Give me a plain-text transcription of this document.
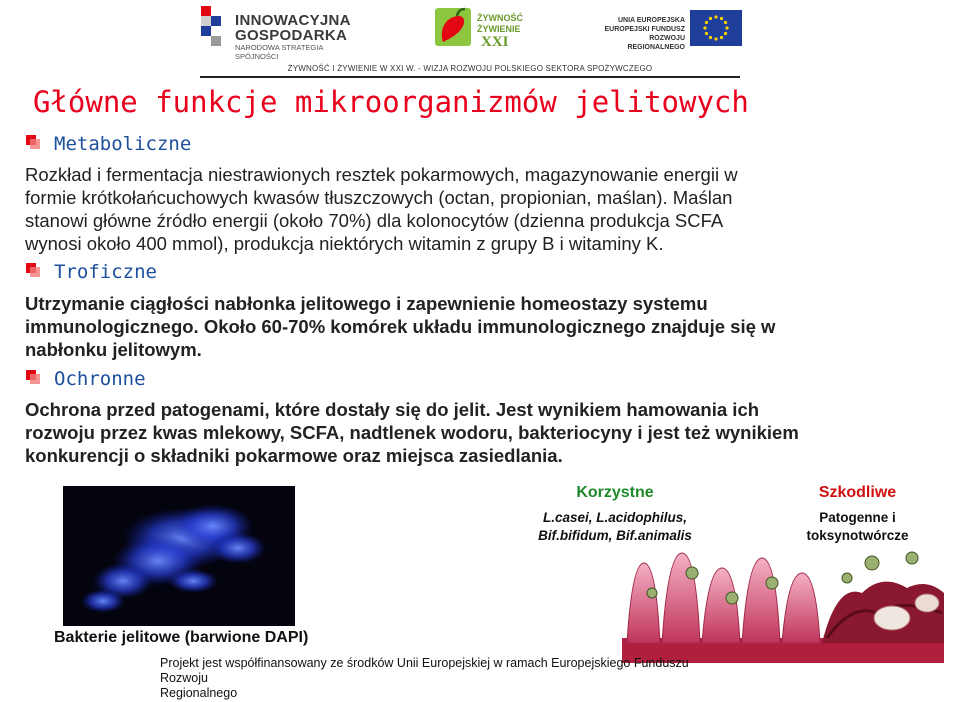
INNOWACYJNA
GOSPODARKA
NARODOWA STRATEGIA SPÓJNOŚCI
ŻYWNOŚĆ
ŻYWIENIE
XXI
UNIA EUROPEJSKA
EUROPEJSKI FUNDUSZ
ROZWOJU REGIONALNEGO
ŻYWNOŚĆ I ŻYWIENIE W XXI W. - WIZJA ROZWOJU POLSKIEGO SEKTORA SPOŻYWCZEGO
Główne funkcje mikroorganizmów jelitowych
Metaboliczne
Rozkład i fermentacja niestrawionych resztek pokarmowych, magazynowanie energii w
formie krótkołańcuchowych kwasów tłuszczowych (octan, propionian, maślan). Maślan
stanowi główne źródło energii (około 70%) dla kolonocytów (dzienna produkcja SCFA
wynosi około 400 mmol), produkcja niektórych witamin z grupy B i witaminy K.
Troficzne
Utrzymanie ciągłości nabłonka jelitowego i zapewnienie homeostazy systemu
immunologicznego. Około 60-70% komórek układu immunologicznego znajduje się w
nabłonku jelitowym.
Ochronne
Ochrona przed patogenami, które dostały się do jelit. Jest wynikiem hamowania ich
rozwoju przez kwas mlekowy, SCFA, nadtlenek wodoru, bakteriocyny i jest też wynikiem
konkurencji o składniki pokarmowe oraz miejsca zasiedlania.
Bakterie jelitowe (barwione DAPI)
Korzystne
L.casei, L.acidophilus,
Bif.bifidum, Bif.animalis
Szkodliwe
Patogenne i
toksynotwórcze
Projekt jest współfinansowany ze środków Unii Europejskiej w ramach Europejskiego Funduszu Rozwoju
Regionalnego
